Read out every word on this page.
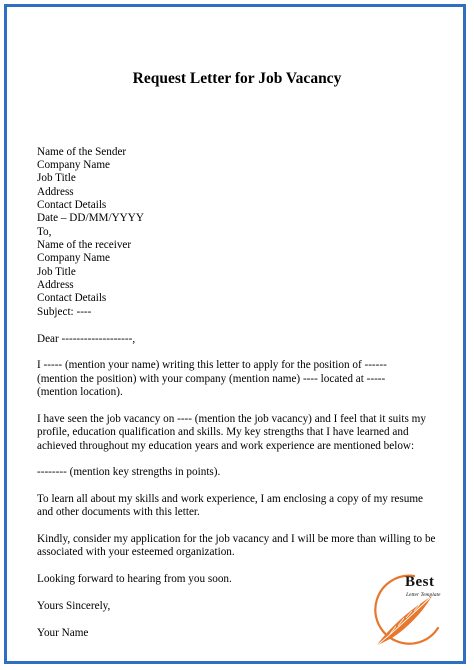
Request Letter for Job Vacancy
Name of the Sender
Company Name
Job Title
Address
Contact Details
Date – DD/MM/YYYY
To,
Name of the receiver
Company Name
Job Title
Address
Contact Details
Subject: ----
Dear -------------------,
I ----- (mention your name) writing this letter to apply for the position of ------
(mention the position) with your company (mention name) ---- located at -----
(mention location).
I have seen the job vacancy on ---- (mention the job vacancy) and I feel that it suits my
profile, education qualification and skills. My key strengths that I have learned and
achieved throughout my education years and work experience are mentioned below:
-------- (mention key strengths in points).
To learn all about my skills and work experience, I am enclosing a copy of my resume
and other documents with this letter.
Kindly, consider my application for the job vacancy and I will be more than willing to be
associated with your esteemed organization.
Looking forward to hearing from you soon.
Yours Sincerely,
Your Name
Best
Letter Template
